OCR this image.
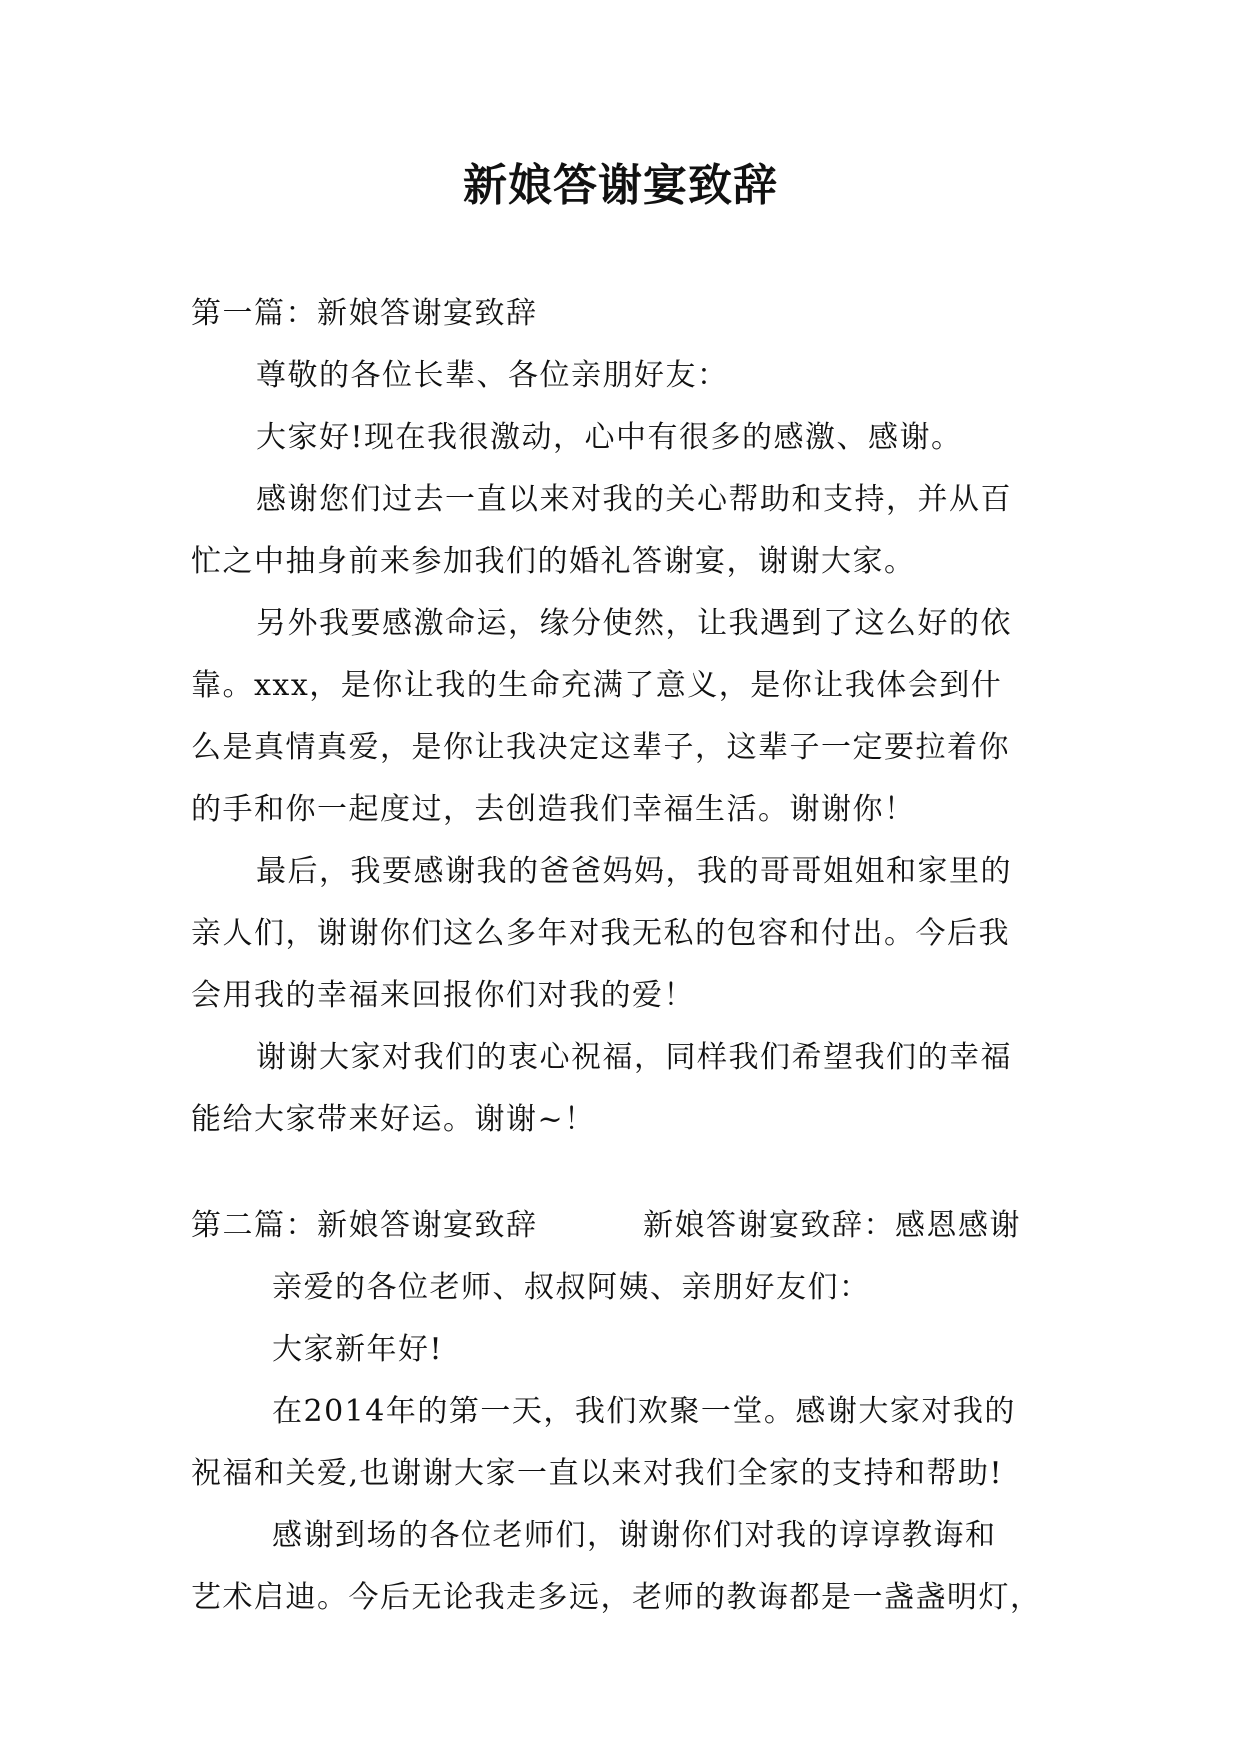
新娘答谢宴致辞
第一篇：新娘答谢宴致辞
尊敬的各位长辈、各位亲朋好友：
大家好!现在我很激动，心中有很多的感激、感谢。
感谢您们过去一直以来对我的关心帮助和支持，并从百
忙之中抽身前来参加我们的婚礼答谢宴，谢谢大家。
另外我要感激命运，缘分使然，让我遇到了这么好的依
靠。xxx，是你让我的生命充满了意义，是你让我体会到什
么是真情真爱，是你让我决定这辈子，这辈子一定要拉着你
的手和你一起度过，去创造我们幸福生活。谢谢你！
最后，我要感谢我的爸爸妈妈，我的哥哥姐姐和家里的
亲人们，谢谢你们这么多年对我无私的包容和付出。今后我
会用我的幸福来回报你们对我的爱！
谢谢大家对我们的衷心祝福，同样我们希望我们的幸福
能给大家带来好运。谢谢~！
第二篇：新娘答谢宴致辞	新娘答谢宴致辞：感恩感谢
亲爱的各位老师、叔叔阿姨、亲朋好友们：
大家新年好!
在2014年的第一天，我们欢聚一堂。感谢大家对我的
祝福和关爱,也谢谢大家一直以来对我们全家的支持和帮助!
感谢到场的各位老师们，谢谢你们对我的谆谆教诲和
艺术启迪。今后无论我走多远，老师的教诲都是一盏盏明灯，
